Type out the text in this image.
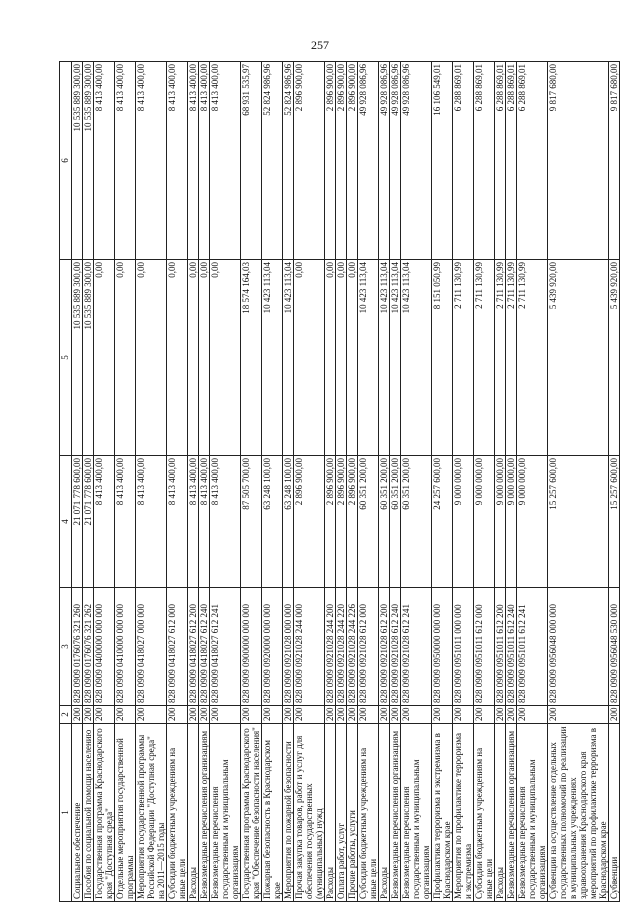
257
1	2	3	4	5	6
Социальное обеспечение	200	828 0909 0176076 321 260	21 071 778 600,00	10 535 889 300,00	10 535 889 300,00
Пособия по социальной помощи населению	200	828 0909 0176076 321 262	21 071 778 600,00	10 535 889 300,00	10 535 889 300,00
Государственная программа Краснодарского края "Доступная среда"	200	828 0909 0400000 000 000	8 413 400,00	0,00	8 413 400,00
Отдельные мероприятия государственной программы	200	828 0909 0410000 000 000	8 413 400,00	0,00	8 413 400,00
Мероприятия государственной программы Российской Федерации "Доступная среда" на 2011—2015 годы	200	828 0909 0418027 000 000	8 413 400,00	0,00	8 413 400,00
Субсидии бюджетным учреждениям на иные цели	200	828 0909 0418027 612 000	8 413 400,00	0,00	8 413 400,00
Расходы	200	828 0909 0418027 612 200	8 413 400,00	0,00	8 413 400,00
Безвозмездные перечисления организациям	200	828 0909 0418027 612 240	8 413 400,00	0,00	8 413 400,00
Безвозмездные перечисления государственным и муниципальным организациям	200	828 0909 0418027 612 241	8 413 400,00	0,00	8 413 400,00
Государственная программа Краснодарского края "Обеспечение безопасности населения"	200	828 0909 0900000 000 000	87 505 700,00	18 574 164,03	68 931 535,97
Пожарная безопасность в Краснодарском крае	200	828 0909 0920000 000 000	63 248 100,00	10 423 113,04	52 824 986,96
Мероприятия по пожарной безопасности	200	828 0909 0921028 000 000	63 248 100,00	10 423 113,04	52 824 986,96
Прочая закупка товаров, работ и услуг для обеспечения государственных (муниципальных) нужд	200	828 0909 0921028 244 000	2 896 900,00	0,00	2 896 900,00
Расходы	200	828 0909 0921028 244 200	2 896 900,00	0,00	2 896 900,00
Оплата работ, услуг	200	828 0909 0921028 244 220	2 896 900,00	0,00	2 896 900,00
Прочие работы, услуги	200	828 0909 0921028 244 226	2 896 900,00	0,00	2 896 900,00
Субсидии бюджетным учреждениям на иные цели	200	828 0909 0921028 612 000	60 351 200,00	10 423 113,04	49 928 086,96
Расходы	200	828 0909 0921028 612 200	60 351 200,00	10 423 113,04	49 928 086,96
Безвозмездные перечисления организациям	200	828 0909 0921028 612 240	60 351 200,00	10 423 113,04	49 928 086,96
Безвозмездные перечисления государственным и муниципальным организациям	200	828 0909 0921028 612 241	60 351 200,00	10 423 113,04	49 928 086,96
Профилактика терроризма и экстремизма в Краснодарском крае	200	828 0909 0950000 000 000	24 257 600,00	8 151 050,99	16 106 549,01
Мероприятия по профилактике терроризма и экстремизма	200	828 0909 0951011 000 000	9 000 000,00	2 711 130,99	6 288 869,01
Субсидии бюджетным учреждениям на иные цели	200	828 0909 0951011 612 000	9 000 000,00	2 711 130,99	6 288 869,01
Расходы	200	828 0909 0951011 612 200	9 000 000,00	2 711 130,99	6 288 869,01
Безвозмездные перечисления организациям	200	828 0909 0951011 612 240	9 000 000,00	2 711 130,99	6 288 869,01
Безвозмездные перечисления государственным и муниципальным организациям	200	828 0909 0951011 612 241	9 000 000,00	2 711 130,99	6 288 869,01
Субвенции на осуществление отдельных государственных полномочий по реализации в муниципальных учреждениях здравоохранения Краснодарского края мероприятий по профилактике терроризма в Краснодарском крае	200	828 0909 0956048 000 000	15 257 600,00	5 439 920,00	9 817 680,00
Субвенции	200	828 0909 0956048 530 000	15 257 600,00	5 439 920,00	9 817 680,00
